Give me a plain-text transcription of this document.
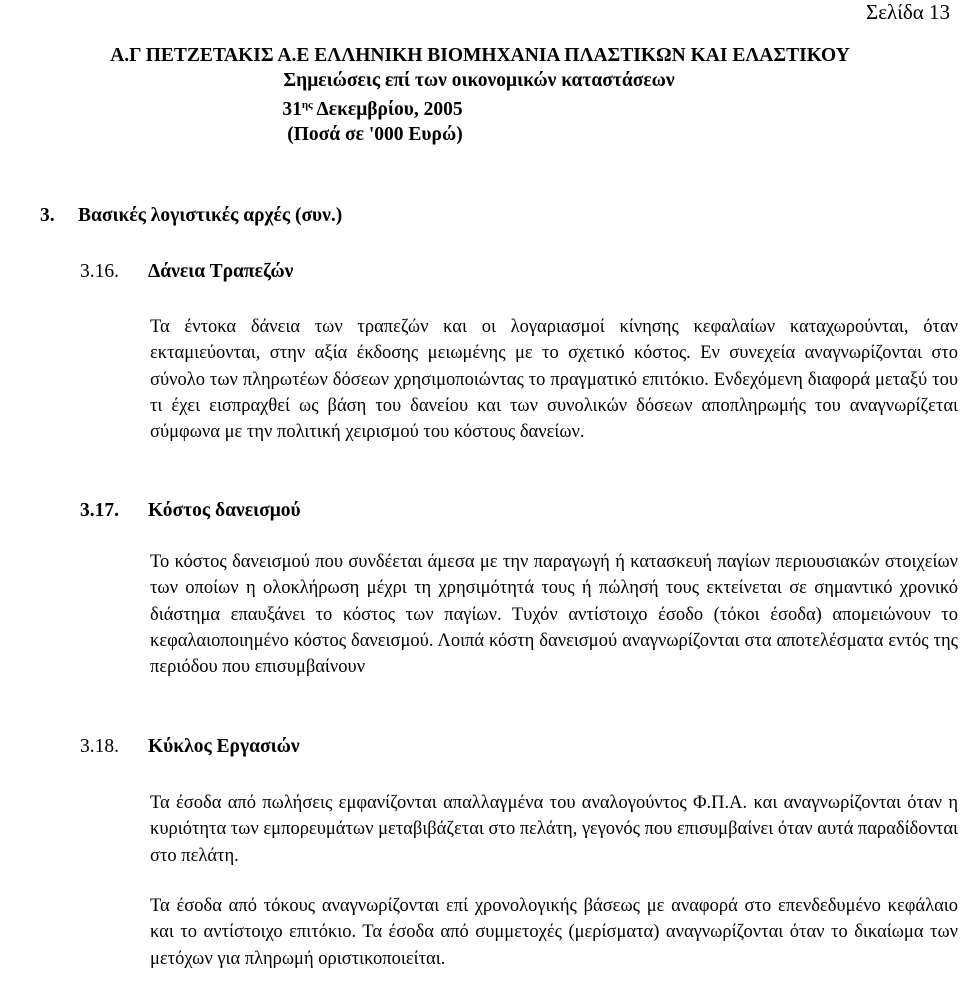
Σελίδα 13
Α.Γ ΠΕΤΖΕΤΑΚΙΣ Α.Ε ΕΛΛΗΝΙΚΗ ΒΙΟΜΗΧΑΝΙΑ ΠΛΑΣΤΙΚΩΝ ΚΑΙ ΕΛΑΣΤΙΚΟΥ
Σημειώσεις επί των οικονομικών καταστάσεων
$31^{\eta\varsigma}$ Δεκεμβρίου, 2005
(Ποσά σε '000 Ευρώ)
3. Βασικές λογιστικές αρχές (συν.)
3.16. Δάνεια Τραπεζών
Τα έντοκα δάνεια των τραπεζών και οι λογαριασμοί κίνησης κεφαλαίων καταχωρούνται, όταν εκταμιεύονται, στην αξία έκδοσης μειωμένης με το σχετικό κόστος. Εν συνεχεία αναγνωρίζονται στο σύνολο των πληρωτέων δόσεων χρησιμοποιώντας το πραγματικό επιτόκιο. Ενδεχόμενη διαφορά μεταξύ του τι έχει εισπραχθεί ως βάση του δανείου και των συνολικών δόσεων αποπληρωμής του αναγνωρίζεται σύμφωνα με την πολιτική χειρισμού του κόστους δανείων.
3.17. Κόστος δανεισμού
Το κόστος δανεισμού που συνδέεται άμεσα με την παραγωγή ή κατασκευή παγίων περιουσιακών στοιχείων των οποίων η ολοκλήρωση μέχρι τη χρησιμότητά τους ή πώλησή τους εκτείνεται σε σημαντικό χρονικό διάστημα επαυξάνει το κόστος των παγίων. Τυχόν αντίστοιχο έσοδο (τόκοι έσοδα) απομειώνουν το κεφαλαιοποιημένο κόστος δανεισμού. Λοιπά κόστη δανεισμού αναγνωρίζονται στα αποτελέσματα εντός της περιόδου που επισυμβαίνουν
3.18. Κύκλος Εργασιών
Τα έσοδα από πωλήσεις εμφανίζονται απαλλαγμένα του αναλογούντος Φ.Π.Α. και αναγνωρίζονται όταν η κυριότητα των εμπορευμάτων μεταβιβάζεται στο πελάτη, γεγονός που επισυμβαίνει όταν αυτά παραδίδονται στο πελάτη.
Τα έσοδα από τόκους αναγνωρίζονται επί χρονολογικής βάσεως με αναφορά στο επενδεδυμένο κεφάλαιο και το αντίστοιχο επιτόκιο. Τα έσοδα από συμμετοχές (μερίσματα) αναγνωρίζονται όταν το δικαίωμα των μετόχων για πληρωμή οριστικοποιείται.
